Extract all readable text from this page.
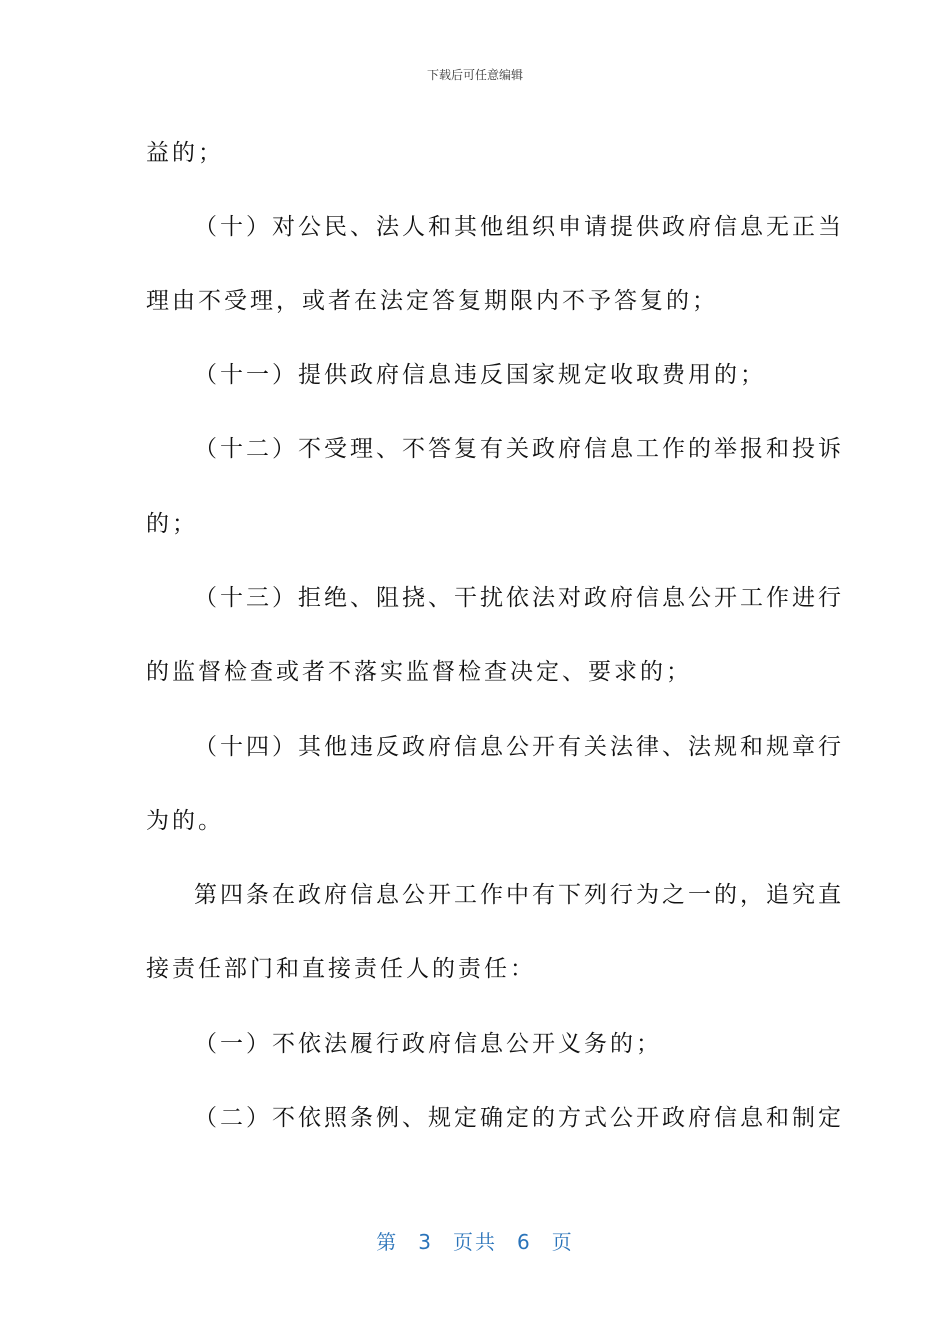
下载后可任意编辑
益的；
（十）对公民、法人和其他组织申请提供政府信息无正当
理由不受理，或者在法定答复期限内不予答复的；
（十一）提供政府信息违反国家规定收取费用的；
（十二）不受理、不答复有关政府信息工作的举报和投诉
的；
（十三）拒绝、阻挠、干扰依法对政府信息公开工作进行
的监督检查或者不落实监督检查决定、要求的；
（十四）其他违反政府信息公开有关法律、法规和规章行
为的。
第四条在政府信息公开工作中有下列行为之一的，追究直
接责任部门和直接责任人的责任：
（一）不依法履行政府信息公开义务的；
（二）不依照条例、规定确定的方式公开政府信息和制定
第 3 页共 6 页
